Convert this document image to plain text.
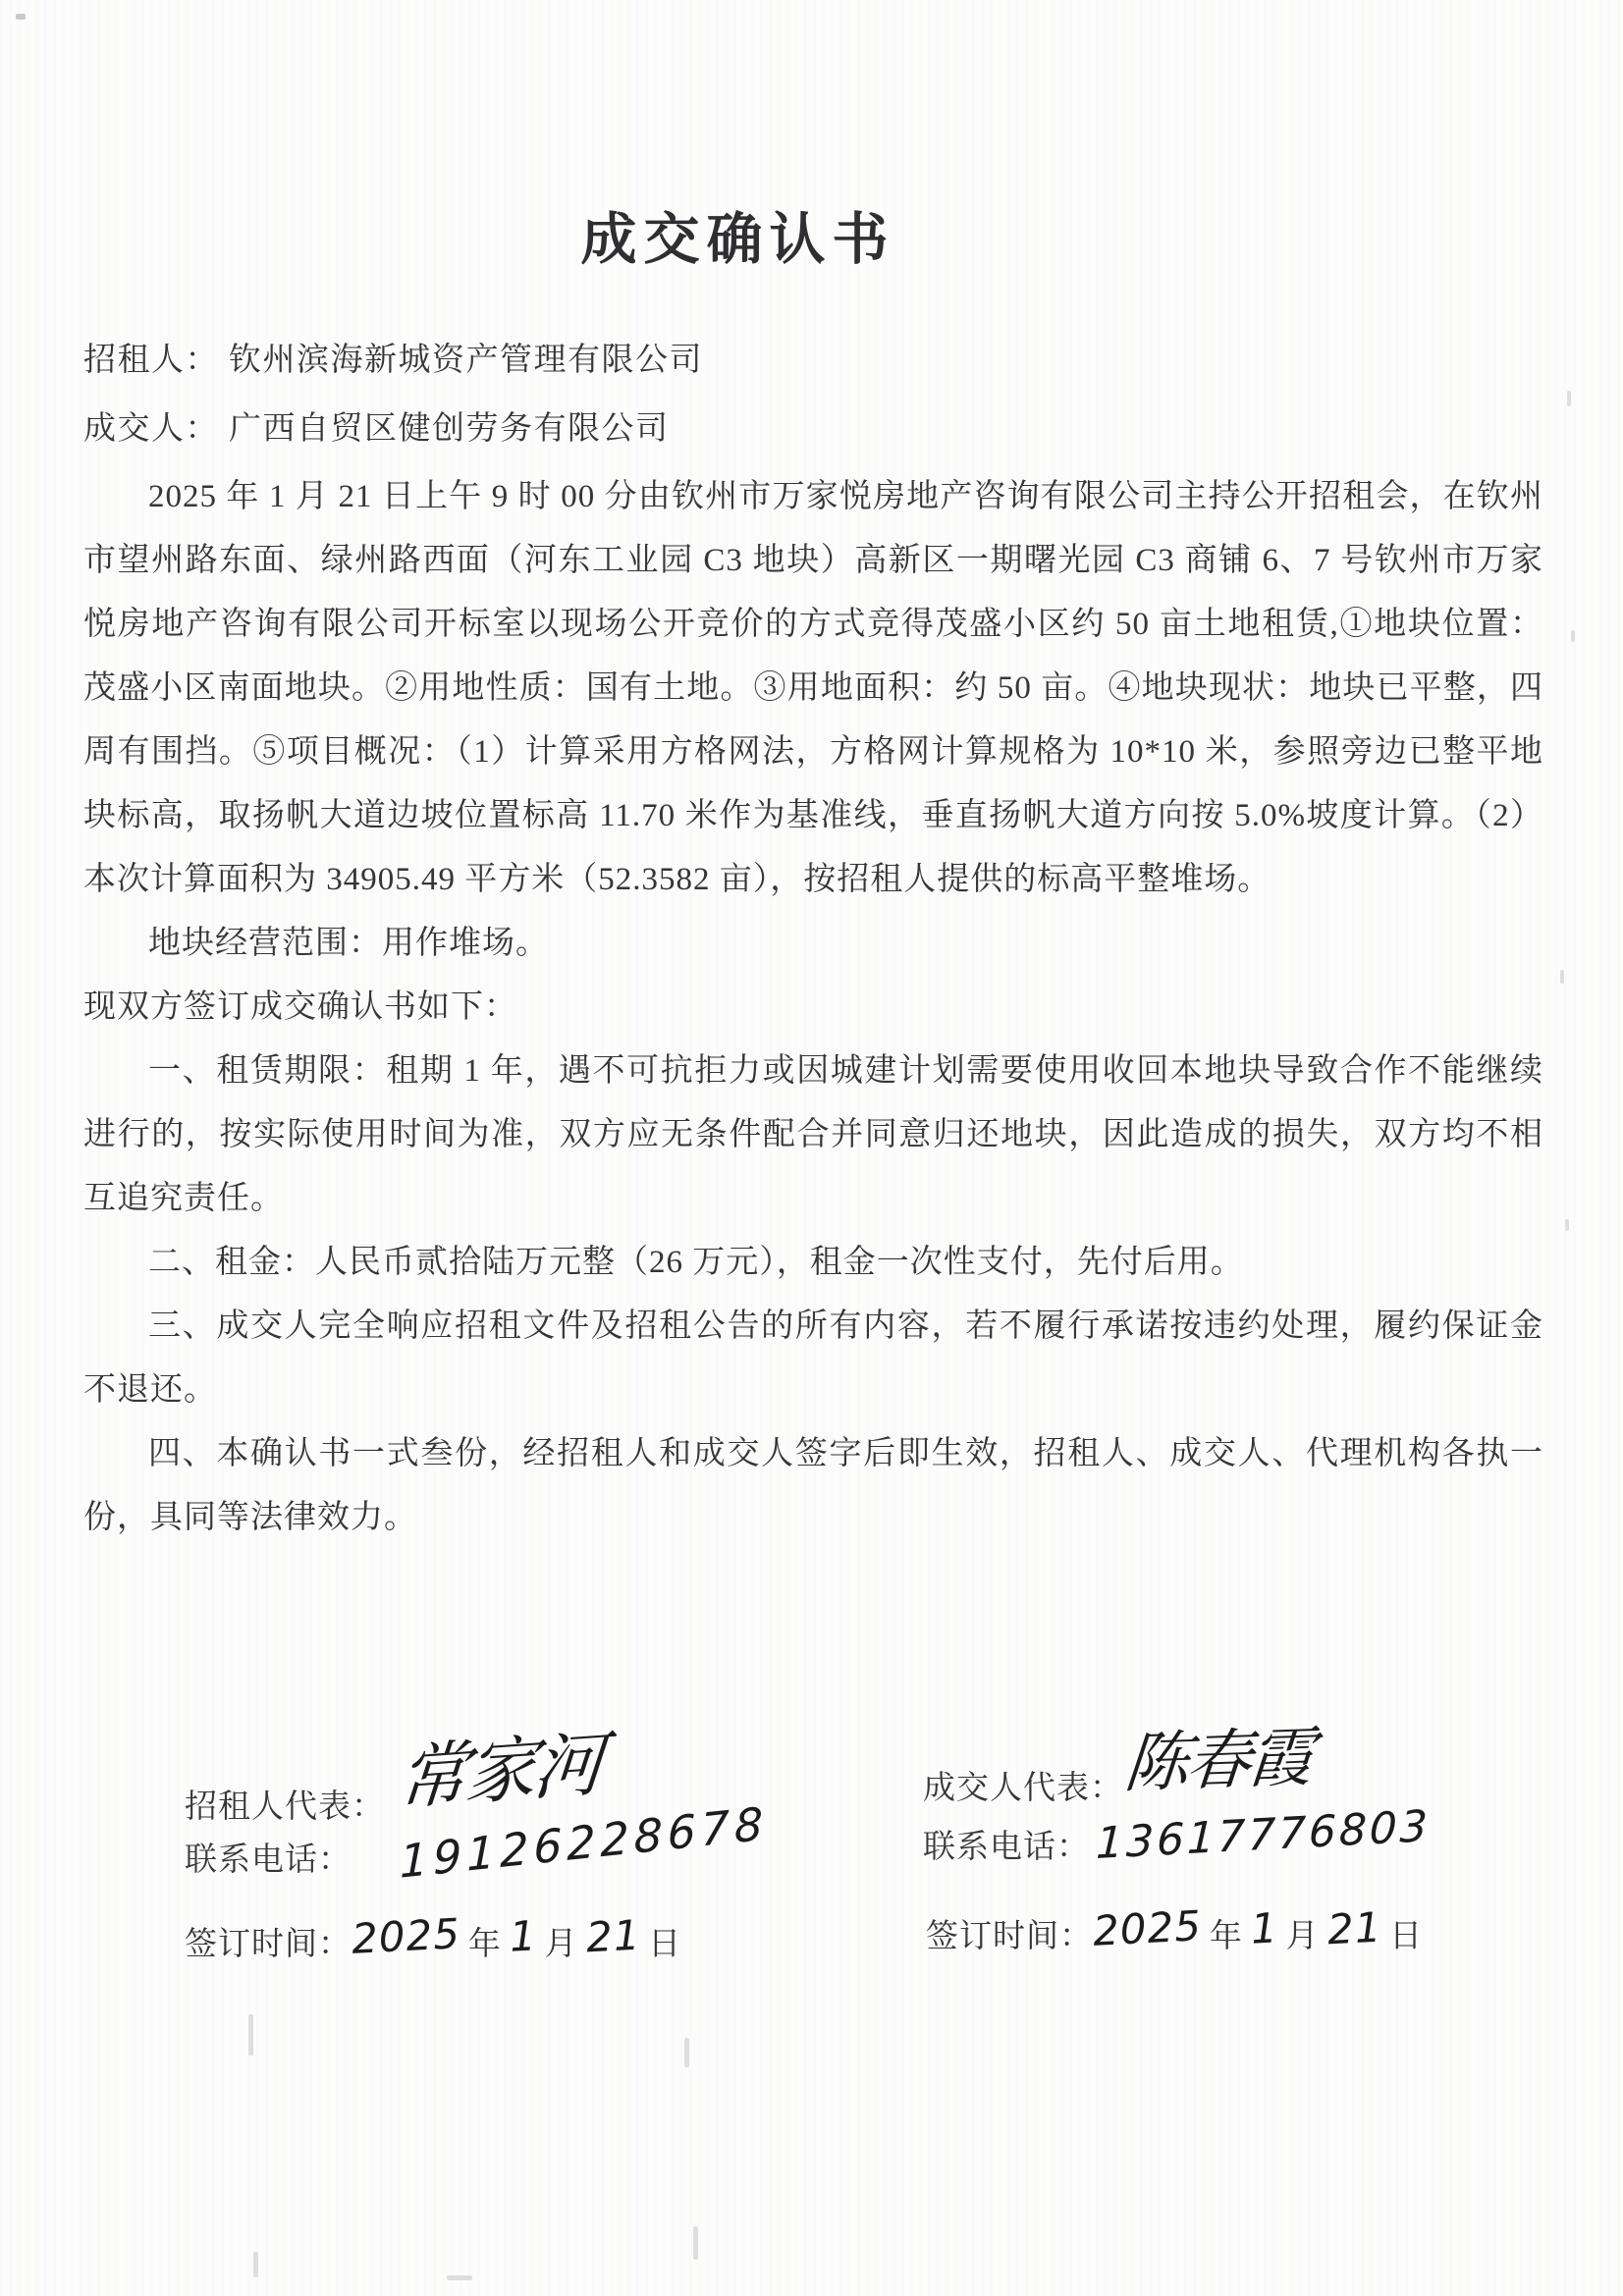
成交确认书
招租人： 钦州滨海新城资产管理有限公司
成交人： 广西自贸区健创劳务有限公司

2025 年 1 月 21 日上午 9 时 00 分由钦州市万家悦房地产咨询有限公司主持公开招租会，在钦州市望州路东面、绿州路西面（河东工业园 C3 地块）高新区一期曙光园 C3 商铺 6、7 号钦州市万家悦房地产咨询有限公司开标室以现场公开竞价的方式竞得茂盛小区约 50 亩土地租赁,①地块位置：茂盛小区南面地块。②用地性质：国有土地。③用地面积：约 50 亩。④地块现状：地块已平整，四周有围挡。⑤项目概况：（1）计算采用方格网法，方格网计算规格为 10*10 米，参照旁边已整平地块标高，取扬帆大道边坡位置标高 11.70 米作为基准线，垂直扬帆大道方向按 5.0%坡度计算。（2）本次计算面积为 34905.49 平方米（52.3582 亩），按招租人提供的标高平整堆场。

地块经营范围：用作堆场。

现双方签订成交确认书如下：

一、租赁期限：租期 1 年，遇不可抗拒力或因城建计划需要使用收回本地块导致合作不能继续进行的，按实际使用时间为准，双方应无条件配合并同意归还地块，因此造成的损失，双方均不相互追究责任。

二、租金：人民币贰拾陆万元整（26 万元），租金一次性支付，先付后用。

三、成交人完全响应招租文件及招租公告的所有内容，若不履行承诺按违约处理，履约保证金不退还。

四、本确认书一式叁份，经招租人和成交人签字后即生效，招租人、成交人、代理机构各执一份，具同等法律效力。

招租人代表： 常家河
联系电话： 19126228678
签订时间：2025 年 1 月 21 日
成交人代表：陈春霞
联系电话： 13617776803
签订时间：2025 年 1 月 21 日
